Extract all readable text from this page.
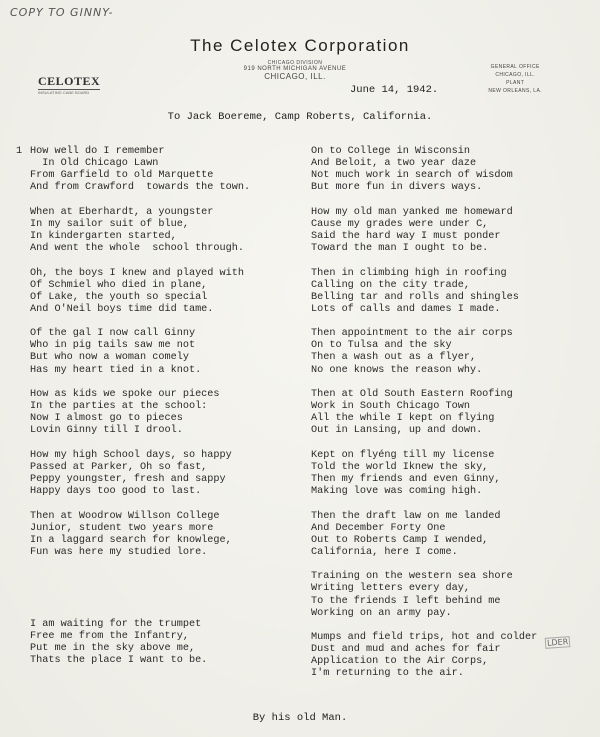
COPY TO GINNY-
The Celotex Corporation
CELOTEX
INSULATING CANE BOARD
CHICAGO DIVISION
919 NORTH MICHIGAN AVENUE
CHICAGO, ILL.
GENERAL OFFICE
CHICAGO, ILL.
PLANT
NEW ORLEANS, LA.
June 14, 1942.
To Jack Boereme, Camp Roberts, California.
1 How well do I remember
In Old Chicago Lawn
From Garfield to old Marquette
And from Crawford  towards the town.
When at Eberhardt, a youngster
In my sailor suit of blue,
In kindergarten started,
And went the whole  school through.
Oh, the boys I knew and played with
Of Schmiel who died in plane,
Of Lake, the youth so special
And O'Neil boys time did tame.
Of the gal I now call Ginny
Who in pig tails saw me not
But who now a woman comely
Has my heart tied in a knot.
How as kids we spoke our pieces
In the parties at the school:
Now I almost go to pieces
Lovin Ginny till I drool.
How my high School days, so happy
Passed at Parker, Oh so fast,
Peppy youngster, fresh and sappy
Happy days too good to last.
Then at Woodrow Willson College
Junior, student two years more
In a laggard search for knowlege,
Fun was here my studied lore.
I am waiting for the trumpet
Free me from the Infantry,
Put me in the sky above me,
Thats the place I want to be.
On to College in Wisconsin
And Beloit, a two year daze
Not much work in search of wisdom
But more fun in divers ways.
How my old man yanked me homeward
Cause my grades were under C,
Said the hard way I must ponder
Toward the man I ought to be.
Then in climbing high in roofing
Calling on the city trade,
Belling tar and rolls and shingles
Lots of calls and dames I made.
Then appointment to the air corps
On to Tulsa and the sky
Then a wash out as a flyer,
No one knows the reason why.
Then at Old South Eastern Roofing
Work in South Chicago Town
All the while I kept on flying
Out in Lansing, up and down.
Kept on flyéng till my license
Told the world Iknew the sky,
Then my friends and even Ginny,
Making love was coming high.
Then the draft law on me landed
And December Forty One
Out to Roberts Camp I wended,
California, here I come.
Training on the western sea shore
Writing letters every day,
To the friends I left behind me
Working on an army pay.
Mumps and field trips, hot and colder
Dust and mud and aches for fair
Application to the Air Corps,
I'm returning to the air.
LDER
By his old Man.
